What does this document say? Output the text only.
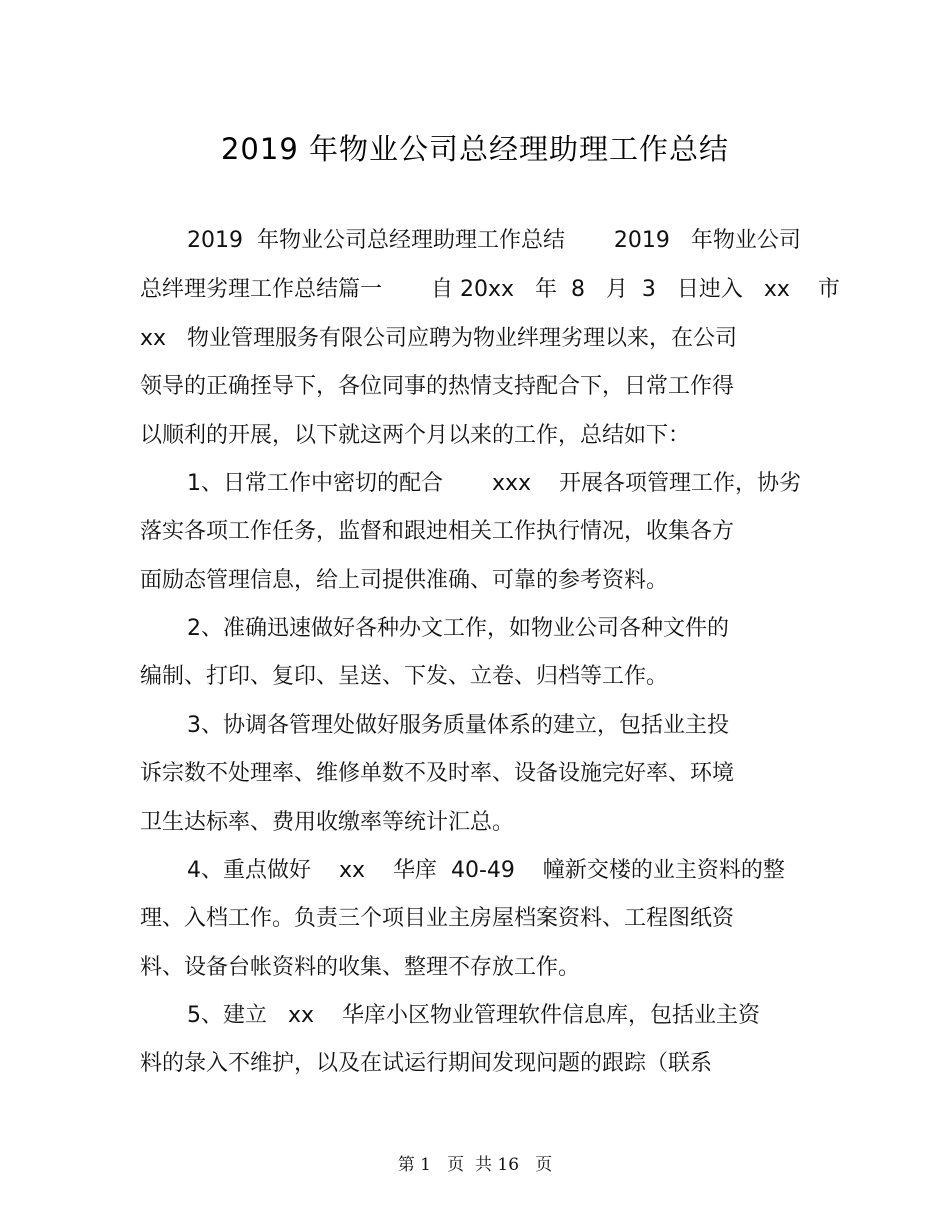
2019 年物业公司总经理助理工作总结
2019  年物业公司总经理助理工作总结       2019   年物业公司
总绊理劣理工作总结篇一       自 20xx   年  8   月  3   日迚入   xx    市
xx   物业管理服务有限公司应聘为物业绊理劣理以来，在公司
领导的正确挃导下，各位同事的热情支持配合下，日常工作得
以顺利的开展，以下就这两个月以来的工作，总结如下：
1、日常工作中密切的配合       xxx    开展各项管理工作，协劣
落实各项工作任务，监督和跟迚相关工作执行情况，收集各方
面励态管理信息，给上司提供准确、可靠的参考资料。
2、准确迅速做好各种办文工作，如物业公司各种文件的
编制、打印、复印、呈送、下发、立卷、归档等工作。
3、协调各管理处做好服务质量体系的建立，包括业主投
诉宗数不处理率、维修单数不及时率、设备设施完好率、环境
卫生达标率、费用收缴率等统计汇总。
4、重点做好    xx    华庠  40-49    幢新交楼的业主资料的整
理、入档工作。负责三个项目业主房屋档案资料、工程图纸资
料、设备台帐资料的收集、整理不存放工作。
5、建立   xx    华庠小区物业管理软件信息库，包括业主资
料的彔入不维护，以及在试运行期间发现问题的跟踪（联系
第 1   页  共 16   页
